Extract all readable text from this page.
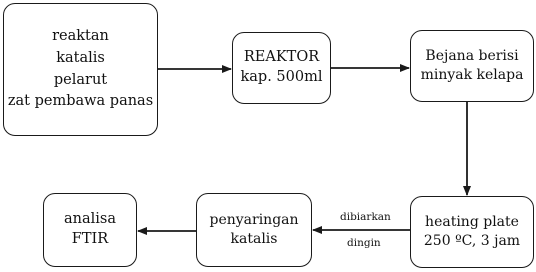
reaktan
katalis
pelarut
zat pembawa panas
REAKTOR
kap. 500ml
Bejana berisi
minyak kelapa
heating plate
250 ºC, 3 jam
penyaringan
katalis
analisa
FTIR
dibiarkan
dingin
